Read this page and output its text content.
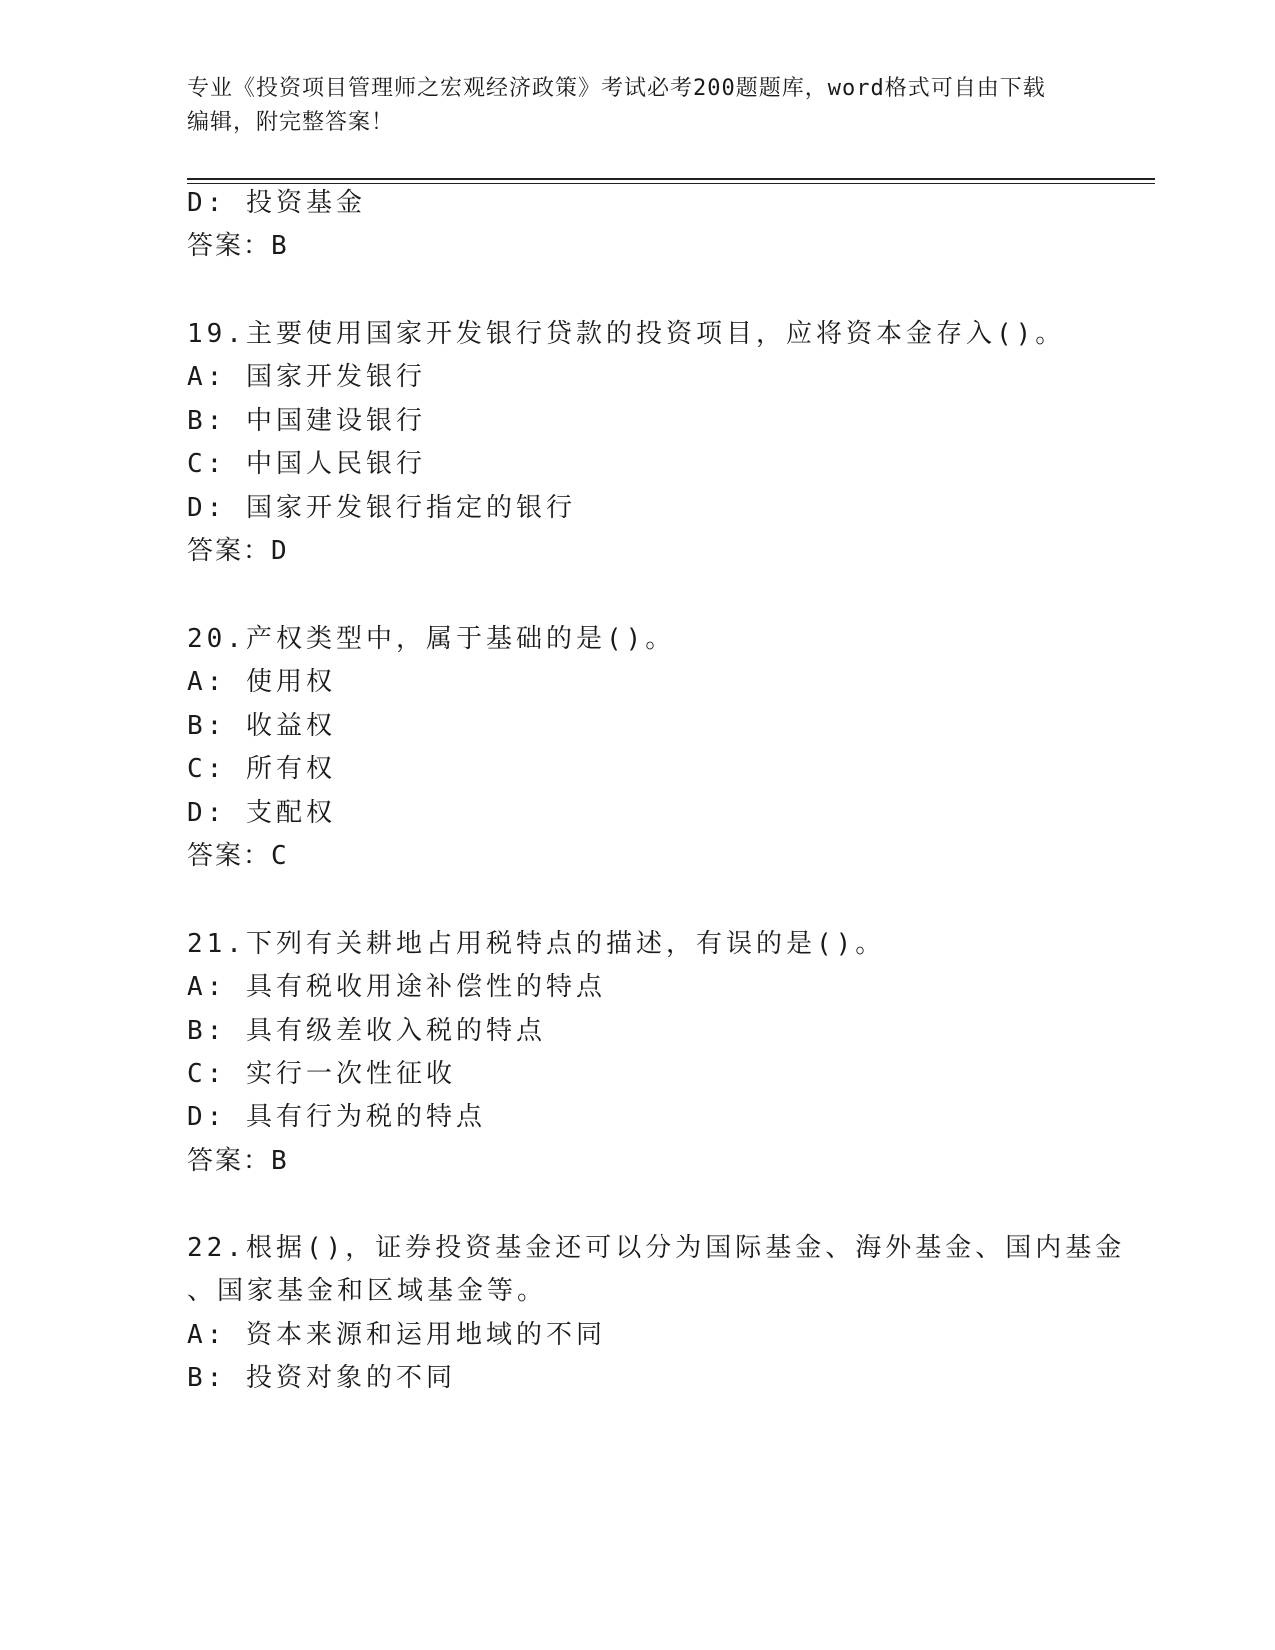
专业《投资项目管理师之宏观经济政策》考试必考200题题库，word格式可自由下载编辑，附完整答案！
D: 投资基金
答案：B
19.主要使用国家开发银行贷款的投资项目，应将资本金存入()。
A: 国家开发银行
B: 中国建设银行
C: 中国人民银行
D: 国家开发银行指定的银行
答案：D
20.产权类型中，属于基础的是()。
A: 使用权
B: 收益权
C: 所有权
D: 支配权
答案：C
21.下列有关耕地占用税特点的描述，有误的是()。
A: 具有税收用途补偿性的特点
B: 具有级差收入税的特点
C: 实行一次性征收
D: 具有行为税的特点
答案：B
22.根据()，证券投资基金还可以分为国际基金、海外基金、国内基金
、国家基金和区域基金等。
A: 资本来源和运用地域的不同
B: 投资对象的不同
